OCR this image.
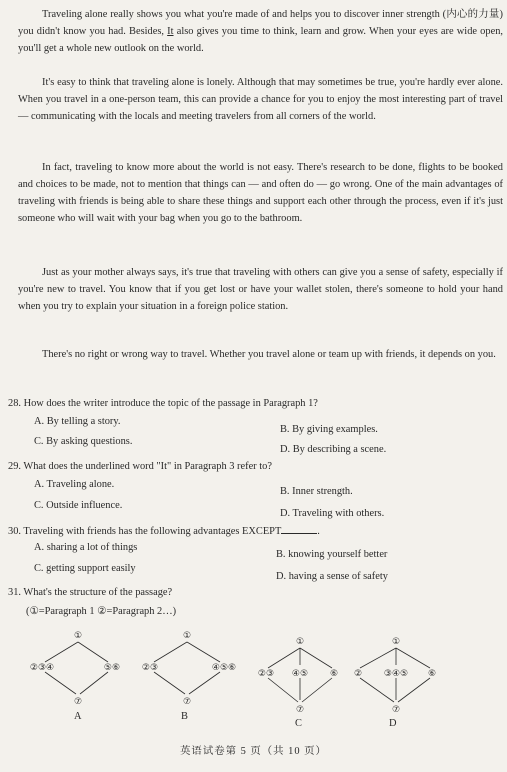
Traveling alone really shows you what you're made of and helps you to discover inner strength (内心的力量) you didn't know you had. Besides, It also gives you time to think, learn and grow. When your eyes are wide open, you'll get a whole new outlook on the world.

It's easy to think that traveling alone is lonely. Although that may sometimes be true, you're hardly ever alone. When you travel in a one-person team, this can provide a chance for you to enjoy the most interesting part of travel — communicating with the locals and meeting travelers from all corners of the world.

In fact, traveling to know more about the world is not easy. There's research to be done, flights to be booked and choices to be made, not to mention that things can — and often do — go wrong. One of the main advantages of traveling with friends is being able to share these things and support each other through the process, even if it's just someone who will wait with your bag when you go to the bathroom.

Just as your mother always says, it's true that traveling with others can give you a sense of safety, especially if you're new to travel. You know that if you get lost or have your wallet stolen, there's someone to hold your hand when you try to explain your situation in a foreign police station.

There's no right or wrong way to travel. Whether you travel alone or team up with friends, it depends on you.

28. How does the writer introduce the topic of the passage in Paragraph 1?

A. By telling a story.
B. By giving examples.
C. By asking questions.
D. By describing a scene.

29. What does the underlined word "It" in Paragraph 3 refer to?

A. Traveling alone.
B. Inner strength.
C. Outside influence.
D. Traveling with others.

30. Traveling with friends has the following advantages EXCEPT	.

A. sharing a lot of things
B. knowing yourself better
C. getting support easily
D. having a sense of safety

31. What's the structure of the passage?

(①=Paragraph 1 ②=Paragraph 2…)

①
②③④	⑤⑥
⑦
A
①
②③	④⑤⑥
⑦
B
①
②③ ④⑤ ⑥
⑦
C
①
② ③④⑤ ⑥
⑦
D
英语试卷第 5 页（共 10 页）
